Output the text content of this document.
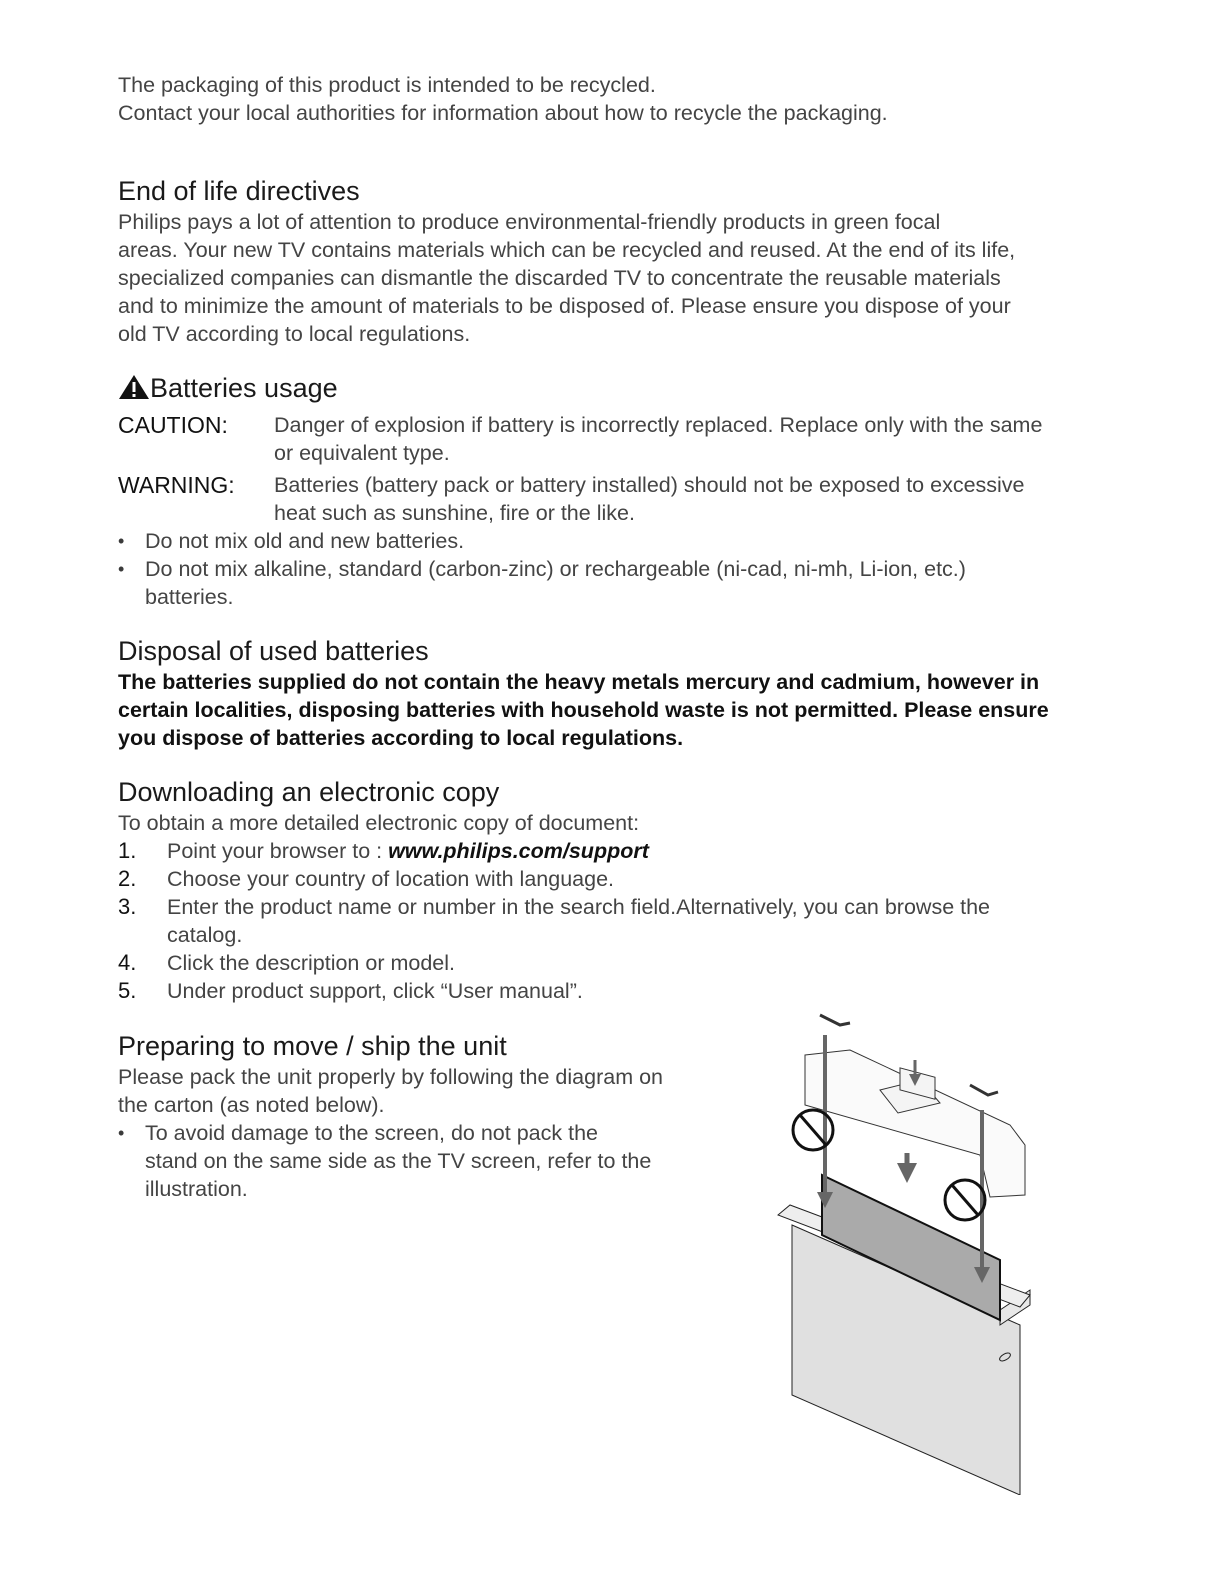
The packaging of this product is intended to be recycled.

Contact your local authorities for information about how to recycle the packaging.

End of life directives

Philips pays a lot of attention to produce environmental-friendly products in green focal

areas. Your new TV contains materials which can be recycled and reused. At the end of its life,

specialized companies can dismantle the discarded TV to concentrate the reusable materials

and to minimize the amount of materials to be disposed of. Please ensure you dispose of your

old TV according to local regulations.

Batteries usage
CAUTION:	Danger of explosion if battery is incorrectly replaced. Replace only with the same

or equivalent type.

WARNING:	Batteries (battery pack or battery installed) should not be exposed to excessive

heat such as sunshine, fire or the like.

• Do not mix old and new batteries.

• Do not mix alkaline, standard (carbon-zinc) or rechargeable (ni-cad, ni-mh, Li-ion, etc.)

batteries.

Disposal of used batteries

The batteries supplied do not contain the heavy metals mercury and cadmium, however in

certain localities, disposing batteries with household waste is not permitted. Please ensure

you dispose of batteries according to local regulations.

Downloading an electronic copy

To obtain a more detailed electronic copy of document:

1.	Point your browser to : www.philips.com/support

2.	Choose your country of location with language.

3.	Enter the product name or number in the search field.Alternatively, you can browse the

catalog.

4.	Click the description or model.

5.	Under product support, click “User manual”.

Preparing to move / ship the unit

Please pack the unit properly by following the diagram on

the carton (as noted below).

• To avoid damage to the screen, do not pack the

stand on the same side as the TV screen, refer to the

illustration.
